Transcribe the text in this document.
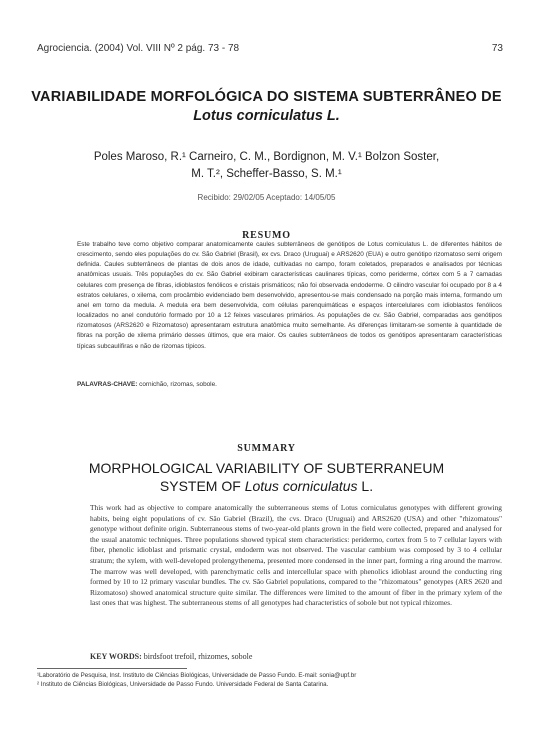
Agrociencia. (2004) Vol. VIII Nº 2 pág. 73 - 78	73
VARIABILIDADE MORFOLÓGICA DO SISTEMA SUBTERRÂNEO DE
Lotus corniculatus L.
Poles Maroso, R.¹ Carneiro, C. M., Bordignon, M. V.¹ Bolzon Soster,
M. T.², Scheffer-Basso, S. M.¹
Recibido: 29/02/05 Aceptado: 14/05/05
RESUMO
Este trabalho teve como objetivo comparar anatomicamente caules subterrâneos de genótipos de Lotus corniculatus L. de diferentes hábitos de crescimento, sendo eles populações do cv. São Gabriel (Brasil), ex cvs. Draco (Uruguai) e ARS2620 (EUA) e outro genótipo rizomatoso semi origem definida. Caules subterrâneos de plantas de dois anos de idade, cultivadas no campo, foram coletados, preparados e analisados por técnicas anatômicas usuais. Três populações do cv. São Gabriel exibiram características caulinares típicas, como periderme, córtex com 5 a 7 camadas celulares com presença de fibras, idioblastos fenólicos e cristais prismáticos; não foi observada endoderme. O cilindro vascular foi ocupado por 8 a 4 estratos celulares, o xilema, com procâmbio evidenciado bem desenvolvido, apresentou-se mais condensado na porção mais interna, formando um anel em torno da medula. A medula era bem desenvolvida, com células parenquimáticas e espaços intercelulares com idioblastos fenólicos localizados no anel condutório formado por 10 a 12 feixes vasculares primários. As populações de cv. São Gabriel, comparadas aos genótipos rizomatosos (ARS2620 e Rizomatoso) apresentaram estrutura anatômica muito semelhante. As diferenças limitaram-se somente à quantidade de fibras na porção de xilema primário desses últimos, que era maior. Os caules subterrâneos de todos os genótipos apresentaram características típicas subcaulífiras e não de rizomas típicos.
PALAVRAS-CHAVE: cornichão, rizomas, sobole.
SUMMARY
MORPHOLOGICAL VARIABILITY OF SUBTERRANEUM
SYSTEM OF Lotus corniculatus L.
This work had as objective to compare anatomically the subterraneous stems of Lotus corniculatus genotypes with different growing habits, being eight populations of cv. São Gabriel (Brazil), the cvs. Draco (Uruguai) and ARS2620 (USA) and other "rhizomatous" genotype without definite origin. Subterraneous stems of two-year-old plants grown in the field were collected, prepared and analysed for the usual anatomic techniques. Three populations showed typical stem characteristics: peridermo, cortex from 5 to 7 cellular layers with fiber, phenolic idioblast and prismatic crystal, endoderm was not observed. The vascular cambium was composed by 3 to 4 cellular stratum; the xylem, with well-developed prolengythenema, presented more condensed in the inner part, forming a ring around the marrow. The marrow was well developed, with parenchymatic cells and intercellular space with phenolics idioblast around the conducting ring formed by 10 to 12 primary vascular bundles. The cv. São Gabriel populations, compared to the "rhizomatous" genotypes (ARS 2620 and Rizomatoso) showed anatomical structure quite similar. The differences were limited to the amount of fiber in the primary xylem of the last ones that was highest. The subterraneous stems of all genotypes had characteristics of sobole but not typical rhizomes.
KEY WORDS: birdsfoot trefoil, rhizomes, sobole
¹Laboratório de Pesquisa, Inst. Instituto de Ciências Biológicas, Universidade de Passo Fundo. E-mail: sonia@upf.br
² Instituto de Ciências Biológicas, Universidade de Passo Fundo. Universidade Federal de Santa Catarina.
